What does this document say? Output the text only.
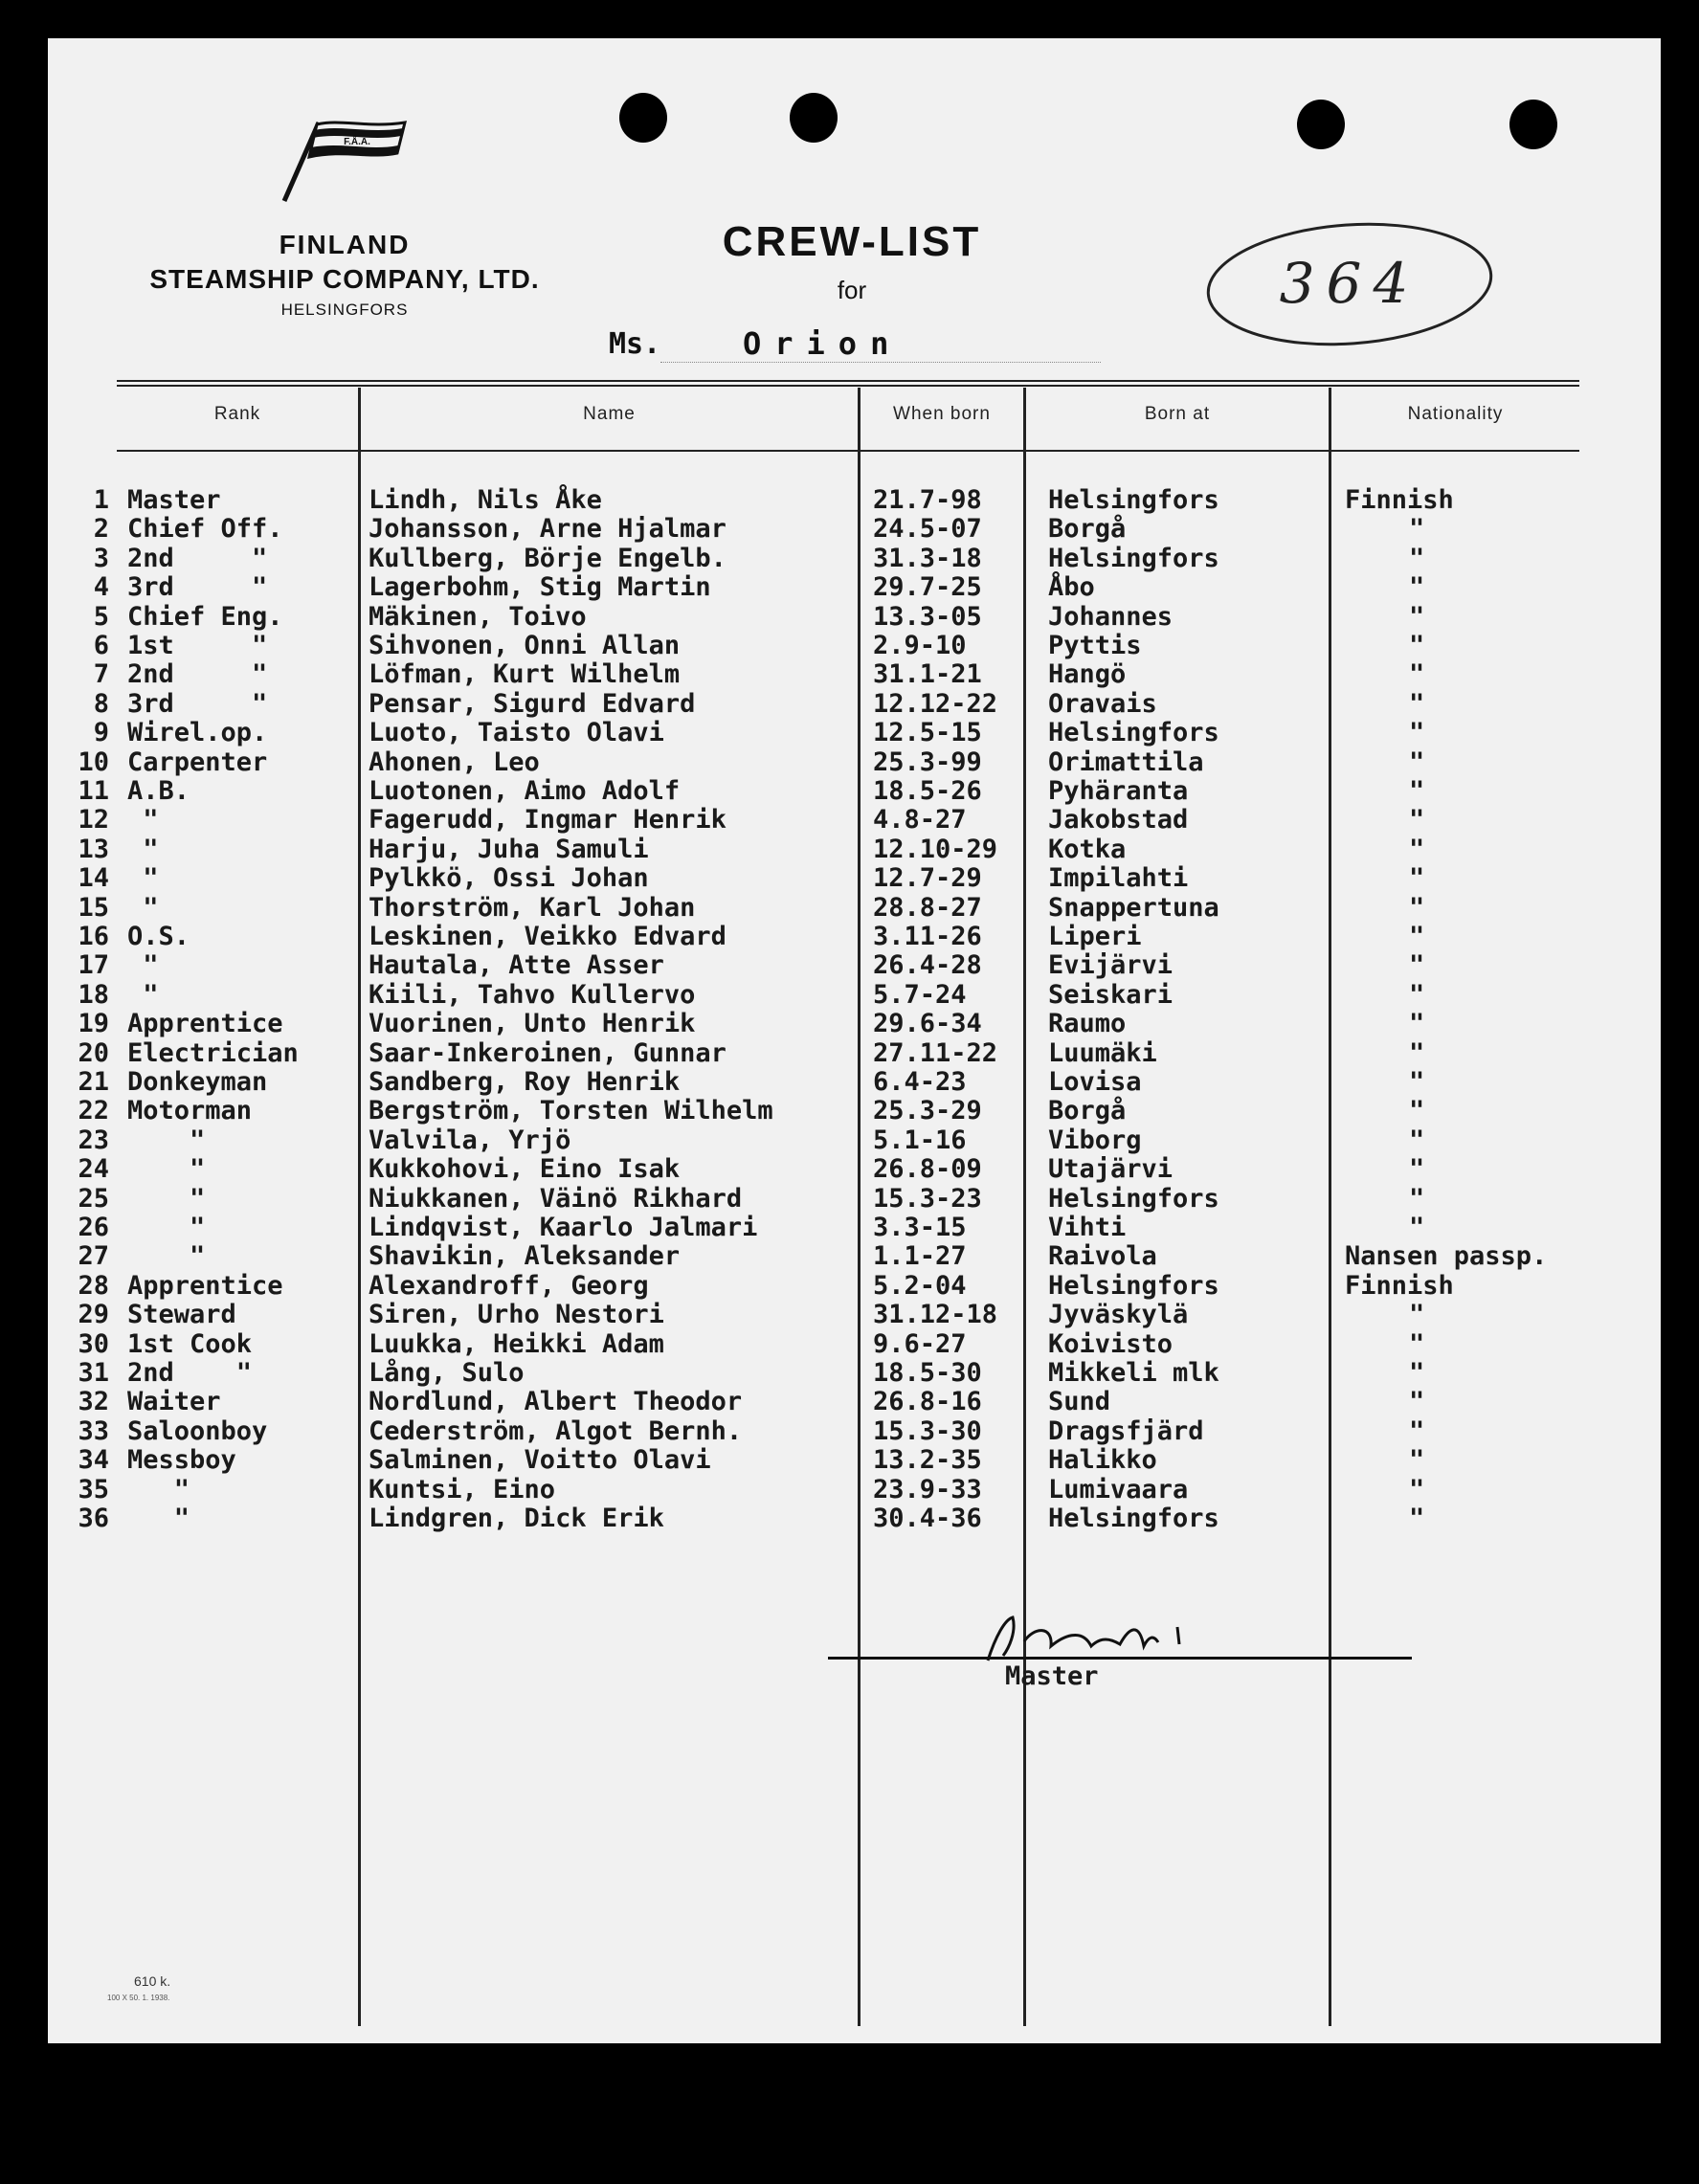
F.Å.A.
FINLAND
STEAMSHIP COMPANY, LTD.
HELSINGFORS
CREW-LIST
for
Ms.	Orion
364
Rank	Name	When born	Born at	Nationality
1 Master	Lindh, Nils Åke	21.7-98	Helsingfors	Finnish
2 Chief Off.	Johansson, Arne Hjalmar	24.5-07	Borgå	"
3 2nd     "	Kullberg, Börje Engelb.	31.3-18	Helsingfors	"
4 3rd     "	Lagerbohm, Stig Martin	29.7-25	Åbo	"
5 Chief Eng.	Mäkinen, Toivo	13.3-05	Johannes	"
6 1st     "	Sihvonen, Onni Allan	2.9-10	Pyttis	"
7 2nd     "	Löfman, Kurt Wilhelm	31.1-21	Hangö	"
8 3rd     "	Pensar, Sigurd Edvard	12.12-22 Oravais	"
9 Wirel.op.	Luoto, Taisto Olavi	12.5-15	Helsingfors	"
10 Carpenter	Ahonen, Leo	25.3-99	Orimattila	"
11 A.B.	Luotonen, Aimo Adolf	18.5-26	Pyhäranta	"
12 "	Fagerudd, Ingmar Henrik	4.8-27	Jakobstad	"
13 "	Harju, Juha Samuli	12.10-29 Kotka	"
14 "	Pylkkö, Ossi Johan	12.7-29	Impilahti	"
15 "	Thorström, Karl Johan	28.8-27	Snappertuna	"
16 O.S.	Leskinen, Veikko Edvard	3.11-26	Liperi	"
17 "	Hautala, Atte Asser	26.4-28	Evijärvi	"
18 "	Kiili, Tahvo Kullervo	5.7-24	Seiskari	"
19 Apprentice	Vuorinen, Unto Henrik	29.6-34	Raumo	"
20 Electrician	Saar-Inkeroinen, Gunnar	27.11-22 Luumäki	"
21 Donkeyman	Sandberg, Roy Henrik	6.4-23	Lovisa	"
22 Motorman	Bergström, Torsten Wilhelm	25.3-29	Borgå	"
23 "	Valvila, Yrjö	5.1-16	Viborg	"
24 "	Kukkohovi, Eino Isak	26.8-09	Utajärvi	"
25 "	Niukkanen, Väinö Rikhard	15.3-23	Helsingfors	"
26 "	Lindqvist, Kaarlo Jalmari	3.3-15	Vihti	"
27 "	Shavikin, Aleksander	1.1-27	Raivola	Nansen passp.
28 Apprentice	Alexandroff, Georg	5.2-04	Helsingfors	Finnish
29 Steward	Siren, Urho Nestori	31.12-18 Jyväskylä	"
30 1st Cook	Luukka, Heikki Adam	9.6-27	Koivisto	"
31 2nd    "	Lång, Sulo	18.5-30	Mikkeli mlk	"
32 Waiter	Nordlund, Albert Theodor	26.8-16	Sund	"
33 Saloonboy	Cederström, Algot Bernh.	15.3-30	Dragsfjärd	"
34 Messboy	Salminen, Voitto Olavi	13.2-35	Halikko	"
35 "	Kuntsi, Eino	23.9-33	Lumivaara	"
36 "	Lindgren, Dick Erik	30.4-36	Helsingfors	"
Master
610 k.
100 X 50. 1. 1938.
